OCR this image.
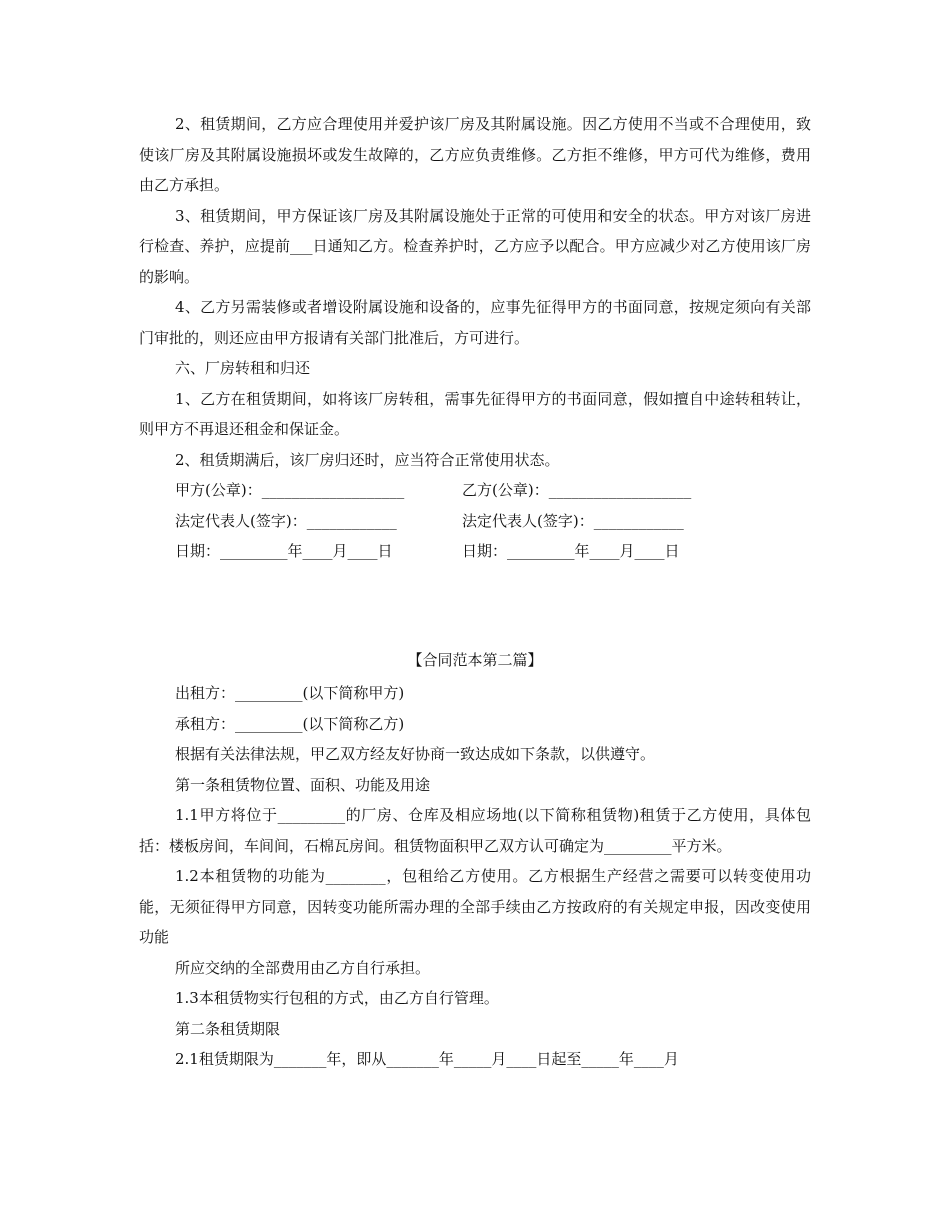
2、租赁期间，乙方应合理使用并爱护该厂房及其附属设施。因乙方使用不当或不合理使用，致使该厂房及其附属设施损坏或发生故障的，乙方应负责维修。乙方拒不维修，甲方可代为维修，费用由乙方承担。

3、租赁期间，甲方保证该厂房及其附属设施处于正常的可使用和安全的状态。甲方对该厂房进行检查、养护，应提前___日通知乙方。检查养护时，乙方应予以配合。甲方应减少对乙方使用该厂房的影响。

4、乙方另需装修或者增设附属设施和设备的，应事先征得甲方的书面同意，按规定须向有关部门审批的，则还应由甲方报请有关部门批准后，方可进行。

六、厂房转租和归还

1、乙方在租赁期间，如将该厂房转租，需事先征得甲方的书面同意，假如擅自中途转租转让，则甲方不再退还租金和保证金。

2、租赁期满后，该厂房归还时，应当符合正常使用状态。

甲方(公章)：___________________	乙方(公章)：___________________
法定代表人(签字)：____________	法定代表人(签字)：____________
日期：_________年____月____日	日期：_________年____月____日
【合同范本第二篇】

出租方：_________(以下简称甲方)

承租方：_________(以下简称乙方)

根据有关法律法规，甲乙双方经友好协商一致达成如下条款，以供遵守。

第一条租赁物位置、面积、功能及用途

1.1甲方将位于_________的厂房、仓库及相应场地(以下简称租赁物)租赁于乙方使用，具体包括：楼板房间，车间间，石棉瓦房间。租赁物面积甲乙双方认可确定为_________平方米。

1.2本租赁物的功能为________，包租给乙方使用。乙方根据生产经营之需要可以转变使用功能，无须征得甲方同意，因转变功能所需办理的全部手续由乙方按政府的有关规定申报，因改变使用功能

所应交纳的全部费用由乙方自行承担。

1.3本租赁物实行包租的方式，由乙方自行管理。

第二条租赁期限

2.1租赁期限为_______年，即从_______年_____月____日起至_____年____月
